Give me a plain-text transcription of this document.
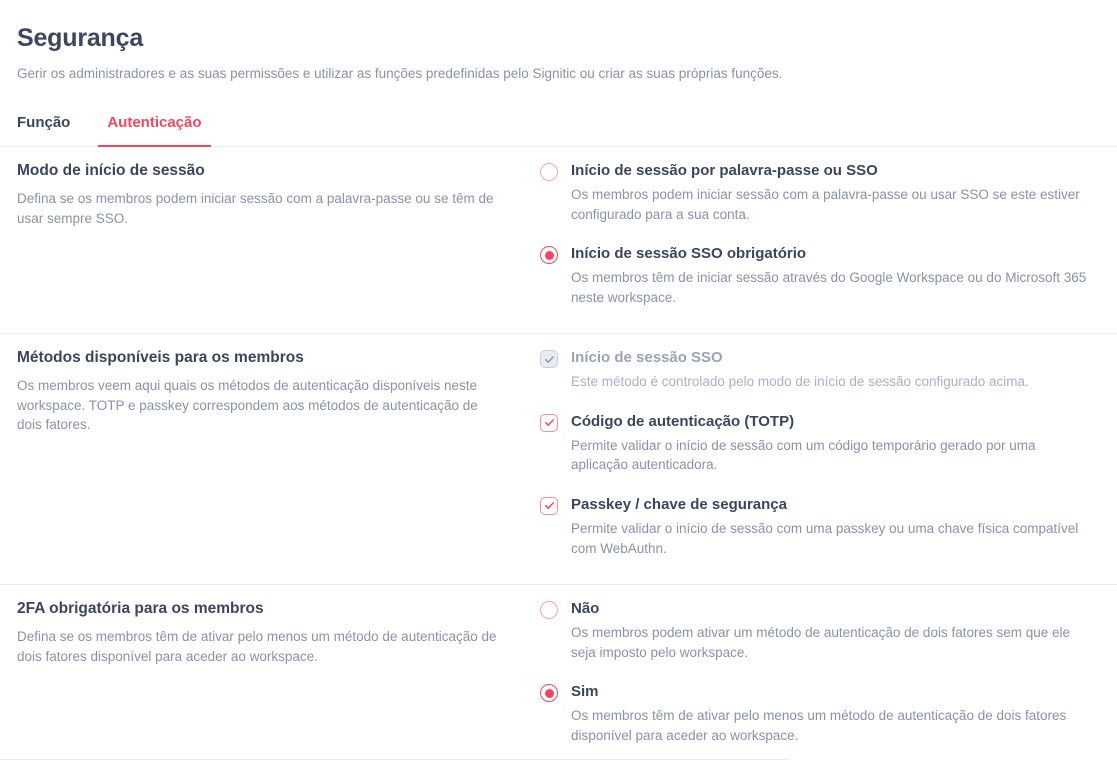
Segurança

Gerir os administradores e as suas permissões e utilizar as funções predefinidas pelo Signitic ou criar as suas próprias funções.

Função	Autenticação
Modo de início de sessão

Defina se os membros podem iniciar sessão com a palavra-passe ou se têm de usar sempre SSO.

Início de sessão por palavra-passe ou SSO

Os membros podem iniciar sessão com a palavra-passe ou usar SSO se este estiver configurado para a sua conta.

Início de sessão SSO obrigatório

Os membros têm de iniciar sessão através do Google Workspace ou do Microsoft 365 neste workspace.

Métodos disponíveis para os membros

Os membros veem aqui quais os métodos de autenticação disponíveis neste workspace. TOTP e passkey correspondem aos métodos de autenticação de dois fatores.

Início de sessão SSO

Este método é controlado pelo modo de início de sessão configurado acima.

Código de autenticação (TOTP)

Permite validar o início de sessão com um código temporário gerado por uma aplicação autenticadora.

Passkey / chave de segurança

Permite validar o início de sessão com uma passkey ou uma chave física compatível com WebAuthn.

2FA obrigatória para os membros

Defina se os membros têm de ativar pelo menos um método de autenticação de dois fatores disponível para aceder ao workspace.

Não

Os membros podem ativar um método de autenticação de dois fatores sem que ele seja imposto pelo workspace.

Sim

Os membros têm de ativar pelo menos um método de autenticação de dois fatores disponível para aceder ao workspace.
